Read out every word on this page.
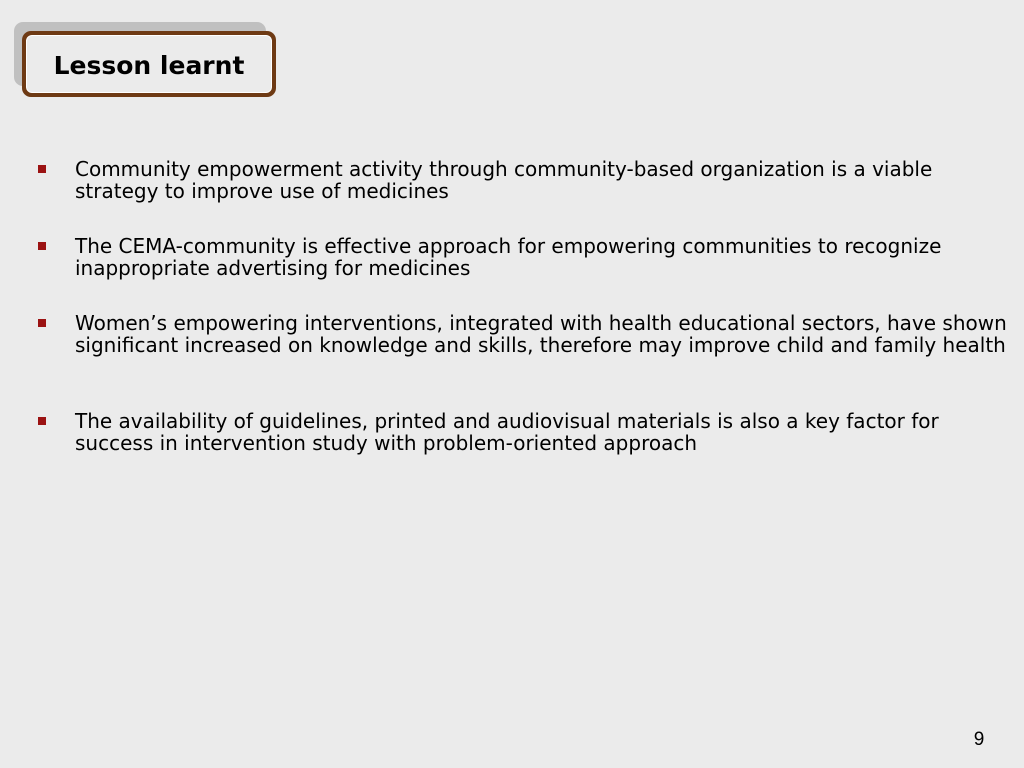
Lesson learnt
Community empowerment activity through community-based organization is a viable strategy to improve use of medicines
The CEMA-community is effective approach for empowering communities to recognize inappropriate advertising for medicines
Women’s empowering interventions, integrated with health educational sectors, have shown significant increased on knowledge and skills, therefore may improve child and family health
The availability of guidelines, printed and audiovisual materials is also a key factor for success in intervention study with problem-oriented approach
9
